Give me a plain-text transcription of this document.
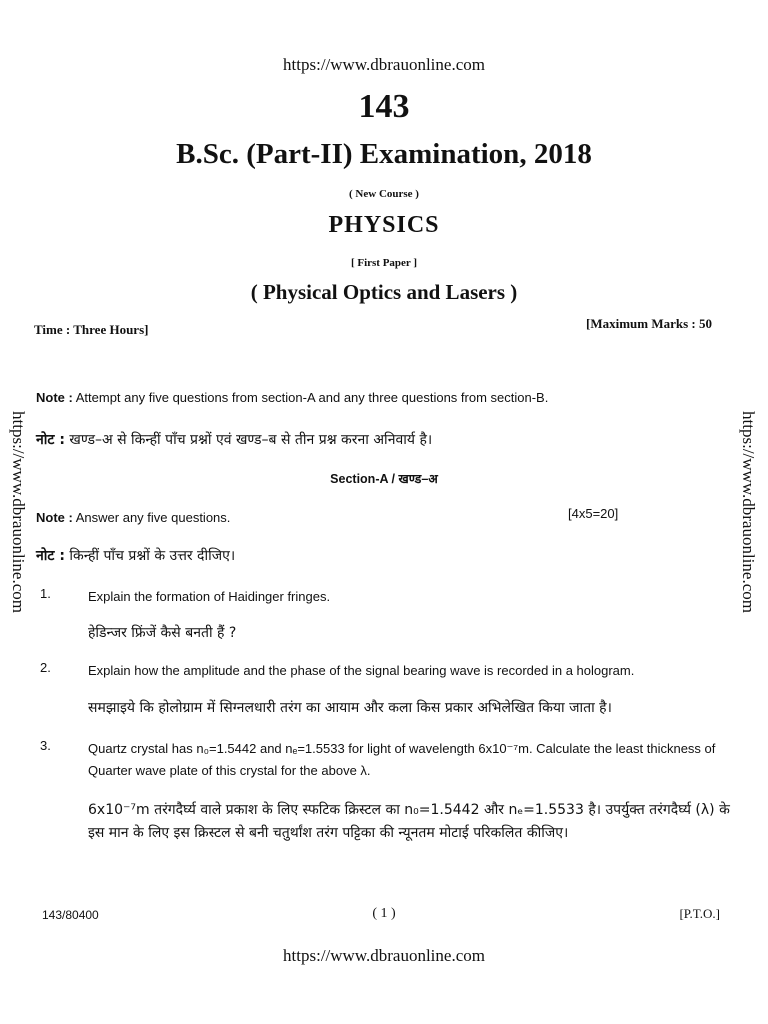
https://www.dbrauonline.com
https://www.dbrauonline.com	https://www.dbrauonline.com
143
B.Sc. (Part-II) Examination, 2018
( New Course )
PHYSICS
[ First Paper ]
( Physical Optics and Lasers )
Time : Three Hours]	[Maximum Marks : 50
Note : Attempt any five questions from section-A and any three questions from section-B.
नोट : खण्ड–अ से किन्हीं पाँच प्रश्नों एवं खण्ड–ब से तीन प्रश्न करना अनिवार्य है।
Section-A / खण्ड–अ
Note : Answer any five questions.	[4x5=20]
नोट : किन्हीं पाँच प्रश्नों के उत्तर दीजिए।
1.	Explain the formation of Haidinger fringes.
हेडिन्जर फ्रिंजें कैसे बनती हैं ?
2.	Explain how the amplitude and the phase of the signal bearing wave is recorded in a hologram.
समझाइये कि होलोग्राम में सिग्नलधारी तरंग का आयाम और कला किस प्रकार अभिलेखित किया जाता है।
3.	Quartz crystal has n₀=1.5442 and nₑ=1.5533 for light of wavelength 6x10⁻⁷m. Calculate the least thickness of Quarter wave plate of this crystal for the above λ.
6x10⁻⁷m तरंगदैर्घ्य वाले प्रकाश के लिए स्फटिक क्रिस्टल का n₀=1.5442 और nₑ=1.5533 है। उपर्युक्त तरंगदैर्घ्य (λ) के इस मान के लिए इस क्रिस्टल से बनी चतुर्थांश तरंग पट्टिका की न्यूनतम मोटाई परिकलित कीजिए।
143/80400	( 1 )	[P.T.O.]
https://www.dbrauonline.com
